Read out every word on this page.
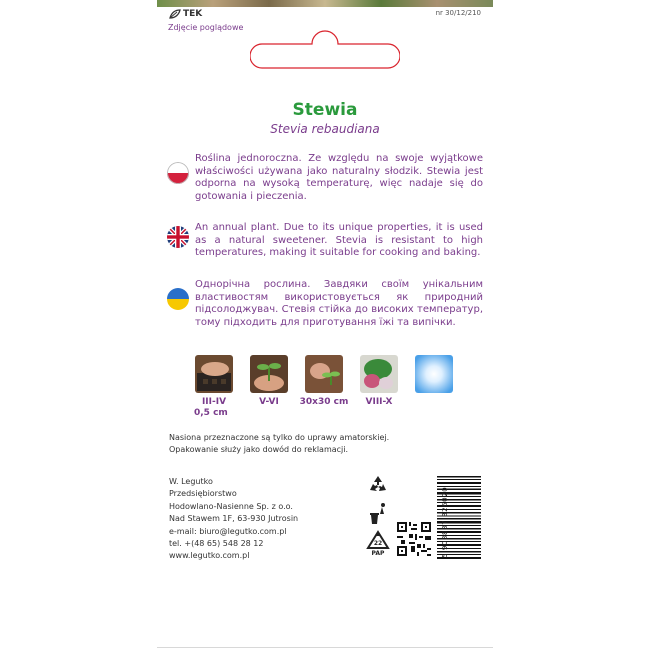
TEK	nr 30/12/210
Zdjęcie poglądowe
Stewia
Stevia rebaudiana
Roślina jednoroczna. Ze względu na swoje wyjątkowe właściwości używana jako naturalny słodzik. Stewia jest odporna na wysoką temperaturę, więc nadaje się do gotowania i pieczenia.
An annual plant. Due to its unique properties, it is used as a natural sweetener. Stevia is resistant to high temperatures, making it suitable for cooking and baking.
Однорічна рослина. Завдяки своїм унікальним властивостям використовується як природний підсолоджувач. Стевія стійка до високих температур, тому підходить для приготування їжі та випічки.
III-IV
0,5 cm
V-VI	30x30 cm	VIII-X
Nasiona przeznaczone są tylko do uprawy amatorskiej.
Opakowanie służy jako dowód do reklamacji.
W. Legutko
Przedsiębiorstwo
Hodowlano-Nasienne Sp. z o.o.
Nad Stawem 1F, 63-930 Jutrosin
e-mail: biuro@legutko.com.pl
tel. +(48 65) 548 28 12
www.legutko.com.pl
22
PAP	5 903837 326020
